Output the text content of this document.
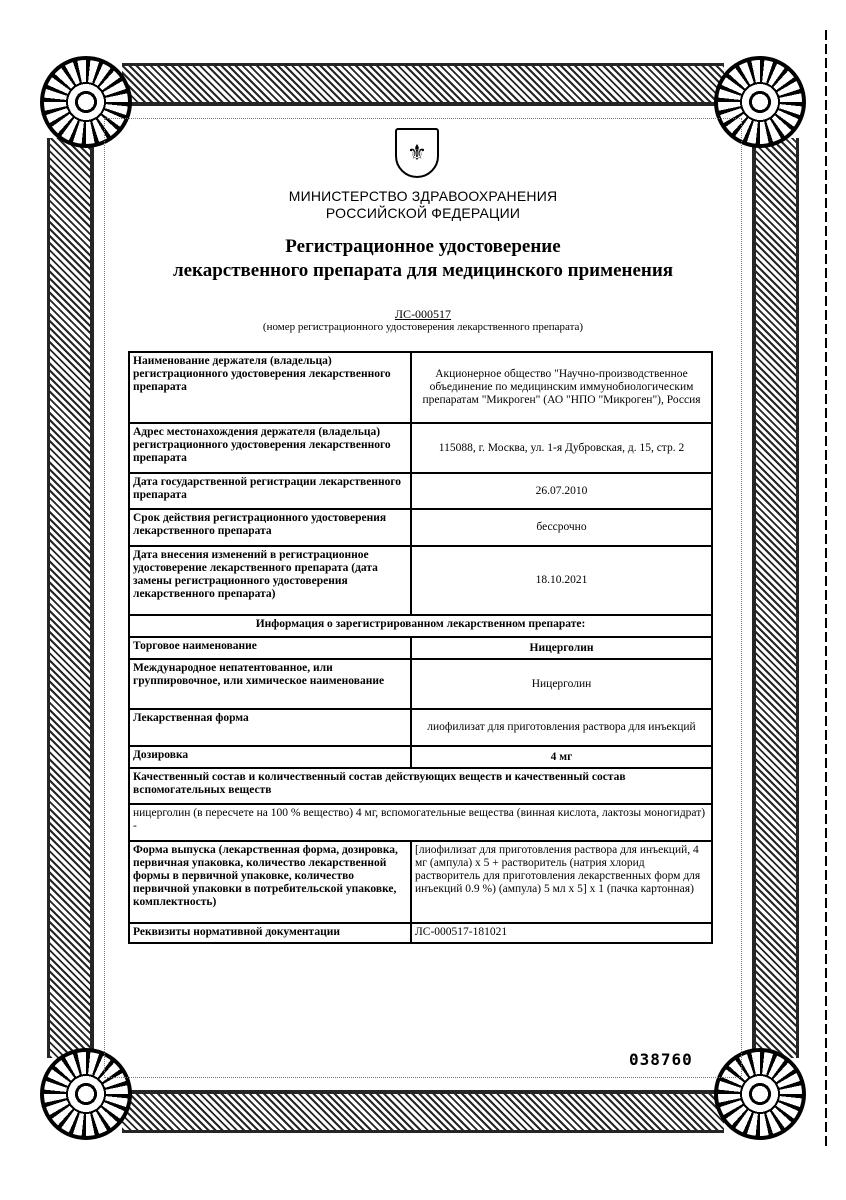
⚜
МИНИСТЕРСТВО ЗДРАВООХРАНЕНИЯ
РОССИЙСКОЙ ФЕДЕРАЦИИ
Регистрационное удостоверение
лекарственного препарата для медицинского применения
ЛС-000517
(номер регистрационного удостоверения лекарственного препарата)
Наименование держателя (владельца) регистрационного удостоверения лекарственного препарата	Акционерное общество "Научно-производственное объединение по медицинским иммунобиологическим препаратам "Микроген" (АО "НПО "Микроген"), Россия
Адрес местонахождения держателя (владельца) регистрационного удостоверения лекарственного препарата	115088, г. Москва, ул. 1-я Дубровская, д. 15, стр. 2
Дата государственной регистрации лекарственного препарата	26.07.2010
Срок действия регистрационного удостоверения лекарственного препарата	бессрочно
Дата внесения изменений в регистрационное удостоверение лекарственного препарата (дата замены регистрационного удостоверения лекарственного препарата)	18.10.2021
Информация о зарегистрированном лекарственном препарате:	
Торговое наименование	Ницерголин
Международное непатентованное, или группировочное, или химическое наименование	Ницерголин
Лекарственная форма	лиофилизат для приготовления раствора для инъекций
Дозировка	4 мг
Качественный состав и количественный состав действующих веществ и качественный состав вспомогательных веществ	
ницерголин (в пересчете на 100 % вещество) 4 мг, вспомогательные вещества (винная кислота, лактозы моногидрат) -	
Форма выпуска (лекарственная форма, дозировка, первичная упаковка, количество лекарственной формы в первичной упаковке, количество первичной упаковки в потребительской упаковке, комплектность)	[лиофилизат для приготовления раствора для инъекций, 4 мг (ампула) x 5 + растворитель (натрия хлорид растворитель для приготовления лекарственных форм для инъекций 0.9 %) (ампула) 5 мл x 5] x 1 (пачка картонная)
Реквизиты нормативной документации	ЛС-000517-181021
038760
